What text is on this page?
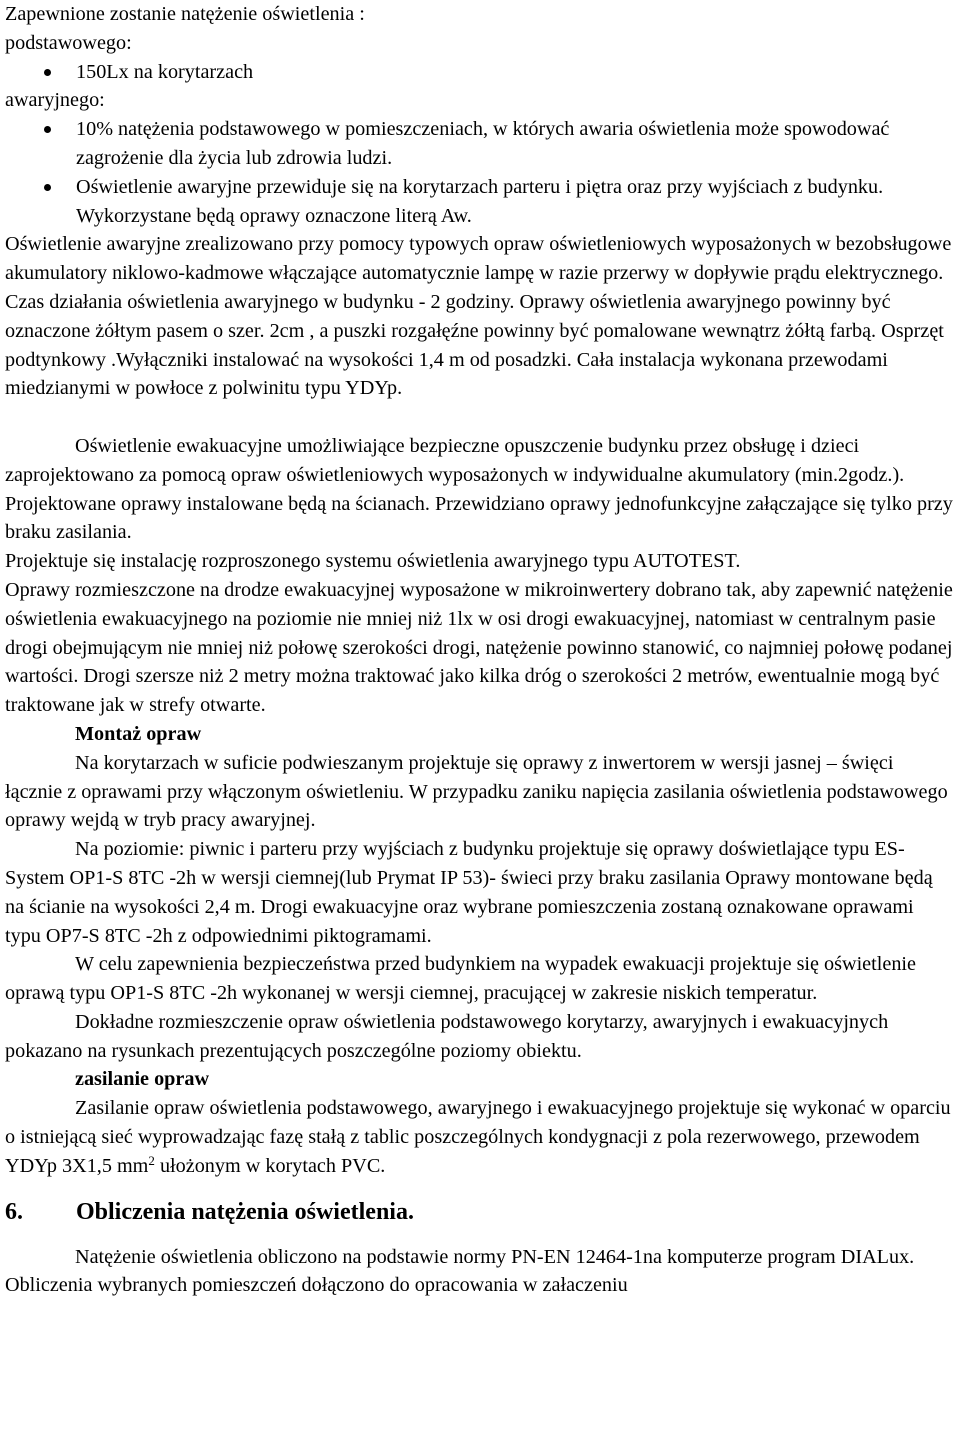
Zapewnione zostanie natężenie oświetlenia :

podstawowego:

150Lx na korytarzach

awaryjnego:

10% natężenia podstawowego w pomieszczeniach, w których awaria oświetlenia może spowodować zagrożenie dla życia lub zdrowia ludzi.
Oświetlenie awaryjne przewiduje się na korytarzach parteru i piętra oraz przy wyjściach z budynku. Wykorzystane będą oprawy oznaczone literą Aw.

Oświetlenie awaryjne zrealizowano przy pomocy typowych opraw oświetleniowych wyposażonych w bezobsługowe akumulatory niklowo-kadmowe włączające automatycznie lampę w razie przerwy w dopływie prądu elektrycznego. Czas działania oświetlenia awaryjnego w budynku - 2 godziny. Oprawy oświetlenia awaryjnego powinny być oznaczone żółtym pasem o szer. 2cm , a puszki rozgałęźne powinny być pomalowane wewnątrz żółtą farbą. Osprzęt podtynkowy .Wyłączniki instalować na wysokości 1,4 m od posadzki. Cała instalacja wykonana przewodami miedzianymi w powłoce z polwinitu typu YDYp.

Oświetlenie ewakuacyjne umożliwiające bezpieczne opuszczenie budynku przez obsługę i dzieci zaprojektowano za pomocą opraw oświetleniowych wyposażonych w indywidualne akumulatory (min.2godz.). Projektowane oprawy instalowane będą na ścianach. Przewidziano oprawy jednofunkcyjne załączające się tylko przy braku zasilania.

Projektuje się instalację rozproszonego systemu oświetlenia awaryjnego typu AUTOTEST.

Oprawy rozmieszczone na drodze ewakuacyjnej wyposażone w mikroinwertery dobrano tak, aby zapewnić natężenie oświetlenia ewakuacyjnego na poziomie nie mniej niż 1lx w osi drogi ewakuacyjnej, natomiast w centralnym pasie drogi obejmującym nie mniej niż połowę szerokości drogi, natężenie powinno stanowić, co najmniej połowę podanej wartości. Drogi szersze niż 2 metry można traktować jako kilka dróg o szerokości 2 metrów, ewentualnie mogą być traktowane jak w strefy otwarte.

Montaż opraw

Na korytarzach w suficie podwieszanym projektuje się oprawy z inwertorem w wersji jasnej – święci łącznie z oprawami przy włączonym oświetleniu. W przypadku zaniku napięcia zasilania oświetlenia podstawowego oprawy wejdą w tryb pracy awaryjnej.

Na poziomie: piwnic i parteru przy wyjściach z budynku projektuje się oprawy doświetlające typu ES-System OP1-S 8TC -2h w wersji ciemnej(lub Prymat IP 53)- świeci przy braku zasilania Oprawy montowane będą na ścianie na wysokości 2,4 m. Drogi ewakuacyjne oraz wybrane pomieszczenia zostaną oznakowane oprawami typu OP7-S 8TC -2h z odpowiednimi piktogramami.

W celu zapewnienia bezpieczeństwa przed budynkiem na wypadek ewakuacji projektuje się oświetlenie oprawą typu OP1-S 8TC -2h wykonanej w wersji ciemnej, pracującej w zakresie niskich temperatur.

Dokładne rozmieszczenie opraw oświetlenia podstawowego korytarzy, awaryjnych i ewakuacyjnych pokazano na rysunkach prezentujących poszczególne poziomy obiektu.

zasilanie opraw

Zasilanie opraw oświetlenia podstawowego, awaryjnego i ewakuacyjnego projektuje się wykonać w oparciu o istniejącą sieć wyprowadzając fazę stałą z tablic poszczególnych kondygnacji z pola rezerwowego, przewodem YDYp 3X1,5 $mm^2$ ułożonym w korytach PVC.

6.	Obliczenia natężenia oświetlenia.

Natężenie oświetlenia obliczono na podstawie normy PN-EN 12464-1na komputerze program DIALux. Obliczenia wybranych pomieszczeń dołączono do opracowania w załaczeniu
